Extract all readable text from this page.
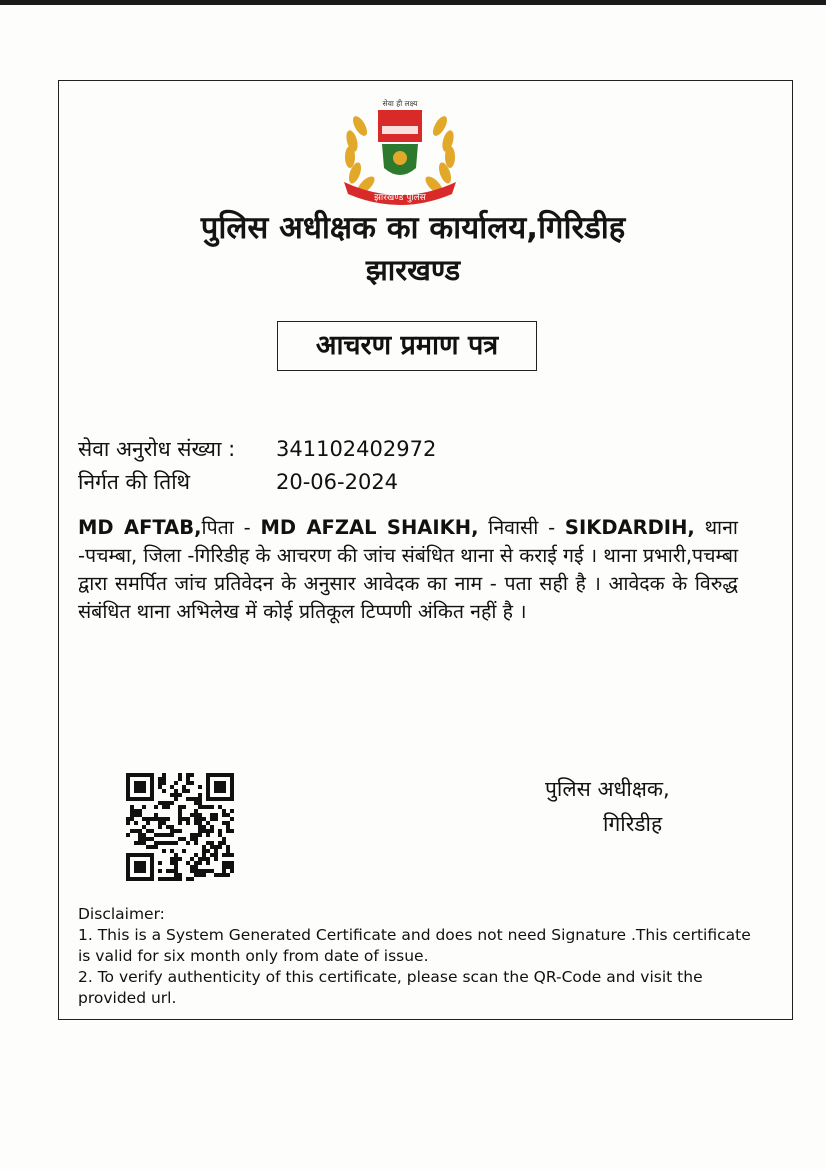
झारखण्ड पुलिस
सेवा ही लक्ष्य
पुलिस अधीक्षक का कार्यालय,गिरिडीह
झारखण्ड
आचरण प्रमाण पत्र
सेवा अनुरोध संख्या : 341102402972
निर्गत की तिथि	20-06-2024
MD AFTAB,पिता - MD AFZAL SHAIKH, निवासी - SIKDARDIH, थाना -पचम्बा, जिला -गिरिडीह के आचरण की जांच संबंधित थाना से कराई गई । थाना प्रभारी,पचम्बा द्वारा समर्पित जांच प्रतिवेदन के अनुसार आवेदक का नाम - पता सही है । आवेदक के विरुद्ध संबंधित थाना अभिलेख में कोई प्रतिकूल टिप्पणी अंकित नहीं है ।
पुलिस अधीक्षक,
गिरिडीह
Disclaimer:
1. This is a System Generated Certificate and does not need Signature .This certificate is valid for six month only from date of issue.
2. To verify authenticity of this certificate, please scan the QR-Code and visit the provided url.
